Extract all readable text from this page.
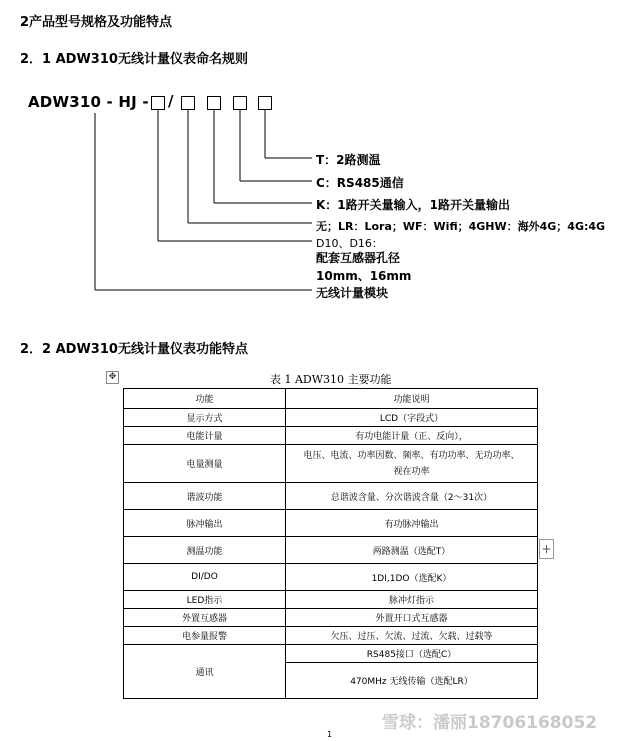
2产品型号规格及功能特点
2．1 ADW310无线计量仪表命名规则
ADW310 - HJ - /
T：2路测温
C：RS485通信
K：1路开关量输入，1路开关量输出
无；LR：Lora；WF：Wifi；4GHW：海外4G；4G:4G
D10、D16：
配套互感器孔径
10mm、16mm
无线计量模块
2．2 ADW310无线计量仪表功能特点
✥	表 1 ADW310 主要功能
功能	功能说明
显示方式	LCD（字段式）
电能计量	有功电能计量（正、反向），
电量测量	电压、电流、功率因数、频率、有功功率、无功功率、视在功率
谐波功能	总谐波含量、分次谐波含量（2～31次）
脉冲输出	有功脉冲输出
测温功能	两路测温（选配T）
DI/DO	1DI,1DO（选配K）
LED指示	脉冲灯指示
外置互感器	外置开口式互感器
电参量报警	欠压、过压、欠流、过流、欠载、过载等
通讯	RS485接口（选配C）
	470MHz 无线传输（选配LR）
+
雪球：潘丽18706168052
1
